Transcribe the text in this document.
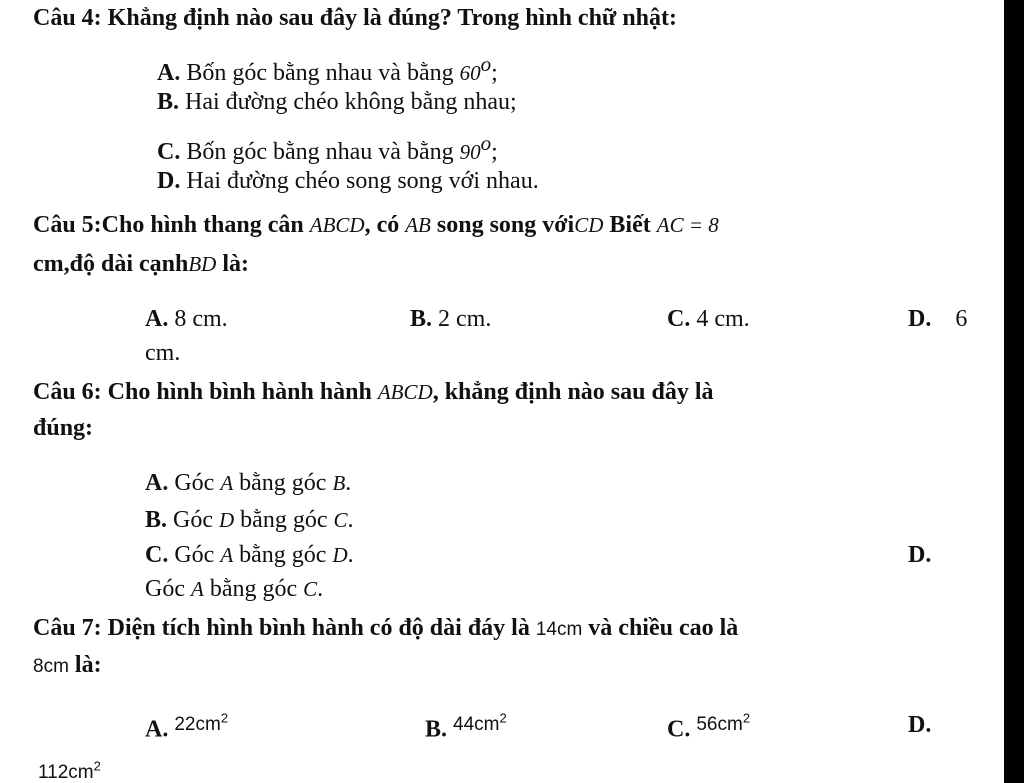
Câu 4: Khẳng định nào sau đây là đúng? Trong hình chữ nhật:
A. Bốn góc bằng nhau và bằng 60$^o$;
B. Hai đường chéo không bằng nhau;
C. Bốn góc bằng nhau và bằng 90$^o$;
D. Hai đường chéo song song với nhau.
Câu 5:Cho hình thang cân ABCD, có AB song song vớiCD Biết AC = 8
cm,độ dài cạnhBD là:
A. 8 cm.	B. 2 cm.	C. 4 cm.	D. 6
cm.
Câu 6: Cho hình bình hành hành ABCD, khẳng định nào sau đây là
đúng:
A. Góc A bằng góc B.
B. Góc D bằng góc C.
C. Góc A bằng góc D.	D.
Góc A bằng góc C.
Câu 7: Diện tích hình bình hành có độ dài đáy là 14cm và chiều cao là
8cm là:
A. $^{22cm^2}$	B. $^{44cm^2}$	C. $^{56cm^2}$	D.
$112cm^2$
